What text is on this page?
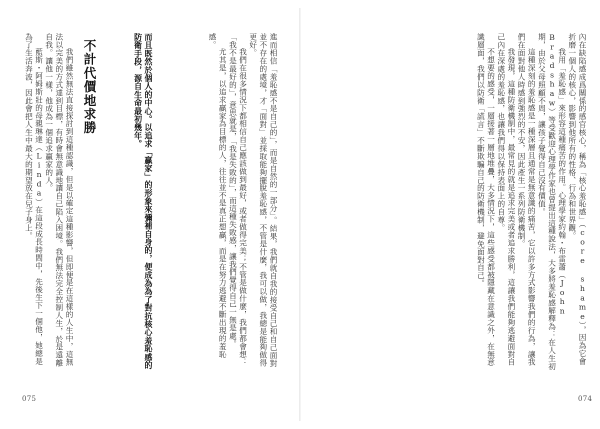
我們雖然無法直接探討到這種認識，但是以確定這種影響，但即便是在這樣的人生中，這無法以完美的方式達到目標，有時會無意識地讓自己陷入困境。我們無法完全控制人生，於是遠離自我。讓他一樣，他成為一個追求贏家的人。

藍斯・阿姆斯壯的母親琳達（Linda）在這段成長時間中，先後生下一個他，她總是為了生活奔波，因此會把人生中最大的期望放在兒子身上。	不計代價地求勝	而且既然於個人的中心。以追求「贏家」的形象來彌補自身的，便成為為了對抗核心羞恥感的防衛手段，源自生命最初幾年。	進而相信「羞恥感不是自己的」，而是自然的一部分」。結果，我們就自我的接受自己和自己面對並不存在的處境，才「面對」並採取能夠擺脫羞恥感，不管是什麼，我可以做，我總是能夠做得更好。

我們在很多情況下都相信自己應該做到最好，或者做得完美；不管是做什麼，我們都會想：「我不是最好的」，意思就是，「我是失敗的」，而這種失敗感，讓我們覺得自己一無是處。

尤其是，以追求贏家為目標的人，往往並不是真正想贏，而是在努力逃避不斷出現的羞恥感。

075

內在缺陷感成爲關係的感官核心，稱為「核心羞恥感」（core shame），因為它會折磨一個人的核心，影響到他所有的性格、行為和世界觀。

我用「羞恥感」來形容這種痛苦的作用。心理學家約翰・布雷蕭（John Bradshaw）等受歡迎心理學作家也曾提出這種說法，大多將羞恥感解釋為：在人生初期，由於父母照顧不周，讓孩子覺得自己沒有價值。

這種深刻的羞恥感是一種深層且通常是無意識的痛苦，它以許多方式影響我們的行為，讓我們在面對他人時感到強烈的不安，因此產生一系列防衛機制。

我發現，這種防衛機制中，最常見的就是追求完美或者追求勝利，這讓我們能夠逃避面對自己內在深處的羞恥感，也讓我們得以保持表面上的自尊。

不想要的感受，一層接著一層地堆疊，大多情況下，這些感受都被隱藏在意識之外，在無意識層面，我們以防衛「謊言」不斷欺騙自己的防衛機制，避免面對自己。

074
